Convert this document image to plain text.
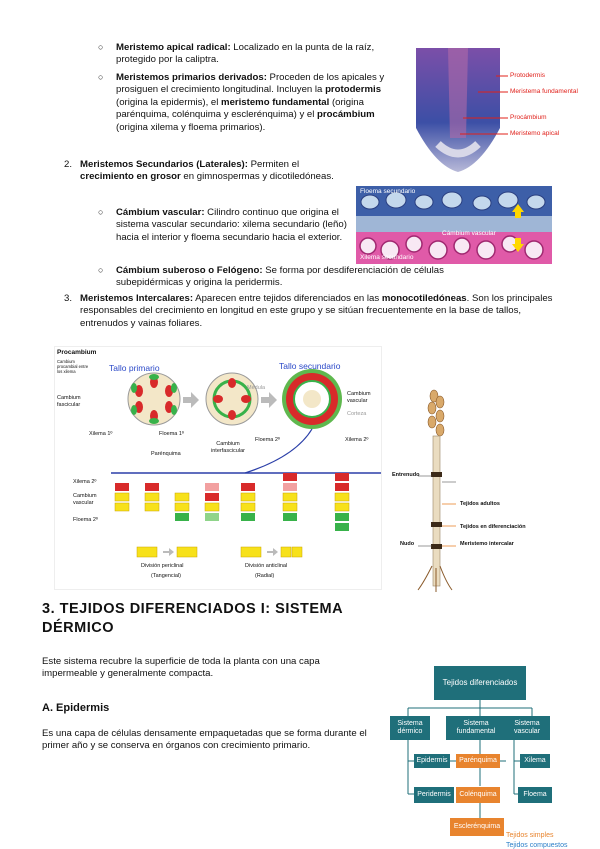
○ Meristemo apical radical: Localizado en la punta de la raíz, protegido por la caliptra.
○ Meristemos primarios derivados: Proceden de los apicales y prosiguen el crecimiento longitudinal. Incluyen la protodermis (origina la epidermis), el meristemo fundamental (origina parénquima, colénquima y esclerénquima) y el procámbium (origina xilema y floema primarios).
2. Meristemos Secundarios (Laterales): Permiten el crecimiento en grosor en gimnospermas y dicotiledóneas.
○ Cámbium vascular: Cilindro continuo que origina el sistema vascular secundario: xilema secundario (leño) hacia el interior y floema secundario hacia el exterior.
○ Cámbium suberoso o Felógeno: Se forma por desdiferenciación de células subepidérmicas y origina la peridermis.
3. Meristemos Intercalares: Aparecen entre tejidos diferenciados en las monocotiledóneas. Son los principales responsables del crecimiento en longitud en este grupo y se sitúan frecuentemente en la base de tallos, entrenudos y vainas foliares.
Protodermis
Meristema fundamental
Procámbium
Meristemo apical
Floema secundario
Cámbium vascular
Xilema secundario
Procambium
Cambium procambial entre los xilema	Tallo primario	Tallo secundario
Médula
Cambium fascicular
Cambium vascular
Corteza
Xilema 1º	Floema 1º
Floema 2º	Xilema 2º
Cambium interfascicular
Parénquima
Xilema 2º
Cambium vascular
Floema 2º
División periclinal
(Tangencial)
División anticlinal
(Radial)
Entrenudo
Tejidos adultos
Tejidos en diferenciación
Nudo	Meristemo intercalar
3. TEJIDOS DIFERENCIADOS I: SISTEMA DÉRMICO
Este sistema recubre la superficie de toda la planta con una capa impermeable y generalmente compacta.
A. Epidermis
Es una capa de células densamente empaquetadas que se forma durante el primer año y se conserva en órganos con crecimiento primario.
Tejidos diferenciados
Sistema dérmico
Sistema fundamental
Sistema vascular
Epidermis	Parénquima	Xilema
Peridermis	Colénquima	Floema
Esclerénquima
Tejidos simples
Tejidos compuestos
